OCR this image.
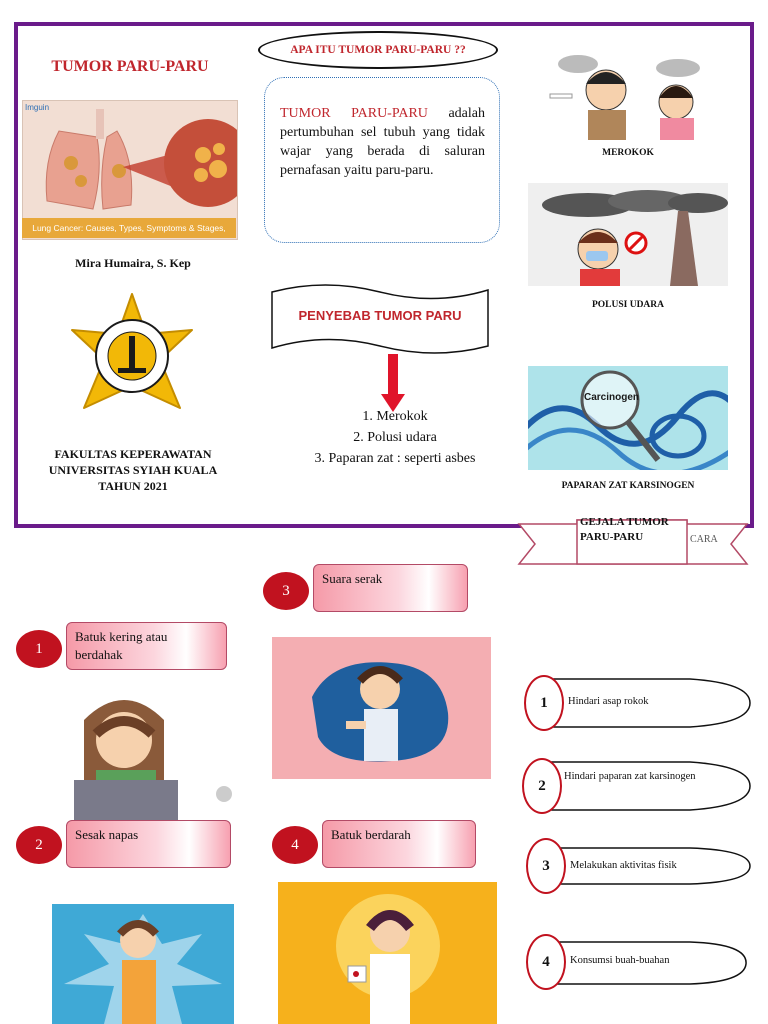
TUMOR PARU-PARU
Imguin
Lung Cancer: Causes, Types, Symptoms & Stages,
Mira Humaira, S. Kep
FAKULTAS KEPERAWATAN
UNIVERSITAS SYIAH KUALA
TAHUN 2021
APA ITU TUMOR PARU-PARU ??
TUMOR PARU-PARU adalah pertumbuhan sel tubuh yang tidak wajar yang berada di saluran pernafasan yaitu paru-paru.
PENYEBAB TUMOR PARU
1. Merokok
2. Polusi udara
3. Paparan zat : seperti asbes
MEROKOK
POLUSI UDARA
Carcinogen
PAPARAN ZAT KARSINOGEN
GEJALA TUMOR PARU-PARU	CARA
1
Batuk kering atau berdahak
2
Sesak napas
3
Suara serak
4
Batuk berdarah
1	Hindari asap rokok
2
Hindari paparan zat karsinogen
3	Melakukan aktivitas fisik
4	Konsumsi buah-buahan
